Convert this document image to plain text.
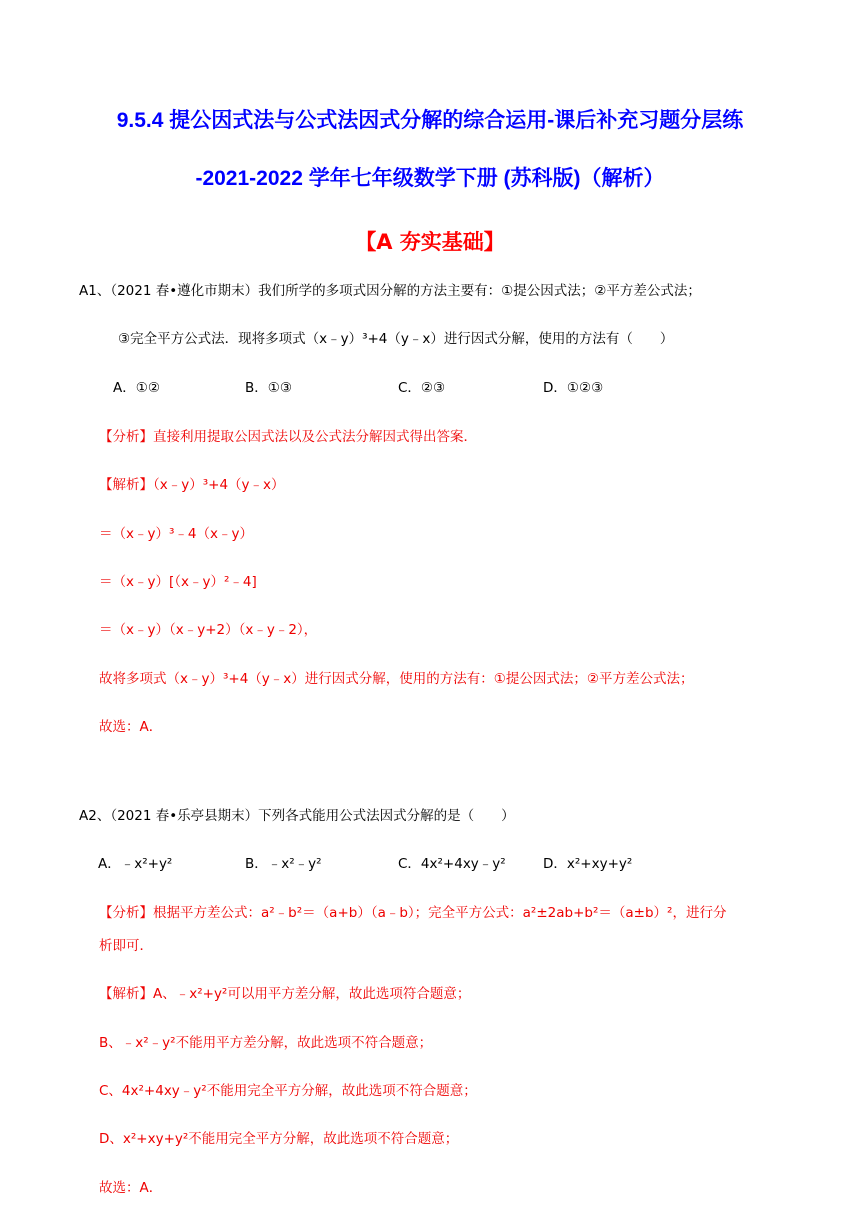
9.5.4 提公因式法与公式法因式分解的综合运用-课后补充习题分层练
-2021-2022 学年七年级数学下册 (苏科版)（解析）
【A 夯实基础】
A1、（2021 春•遵化市期末）我们所学的多项式因分解的方法主要有：①提公因式法；②平方差公式法；
③完全平方公式法．现将多项式（x﹣y）³+4（y﹣x）进行因式分解，使用的方法有（　　）
A．①②	B．①③	C．②③	D．①②③
【分析】直接利用提取公因式法以及公式法分解因式得出答案．
【解析】（x﹣y）³+4（y﹣x）
＝（x﹣y）³﹣4（x﹣y）
＝（x﹣y）[（x﹣y）²﹣4]
＝（x﹣y）（x﹣y+2）（x﹣y﹣2），
故将多项式（x﹣y）³+4（y﹣x）进行因式分解，使用的方法有：①提公因式法；②平方差公式法；
故选：A．
A2、（2021 春•乐亭县期末）下列各式能用公式法因式分解的是（　　）
A．﹣x²+y²	B．﹣x²﹣y²	C．4x²+4xy﹣y²	D．x²+xy+y²
【分析】根据平方差公式：a²﹣b²＝（a+b）（a﹣b）；完全平方公式：a²±2ab+b²＝（a±b）²，进行分
析即可．
【解析】A、﹣x²+y²可以用平方差分解，故此选项符合题意；
B、﹣x²﹣y²不能用平方差分解，故此选项不符合题意；
C、4x²+4xy﹣y²不能用完全平方分解，故此选项不符合题意；
D、x²+xy+y²不能用完全平方分解，故此选项不符合题意；
故选：A．
